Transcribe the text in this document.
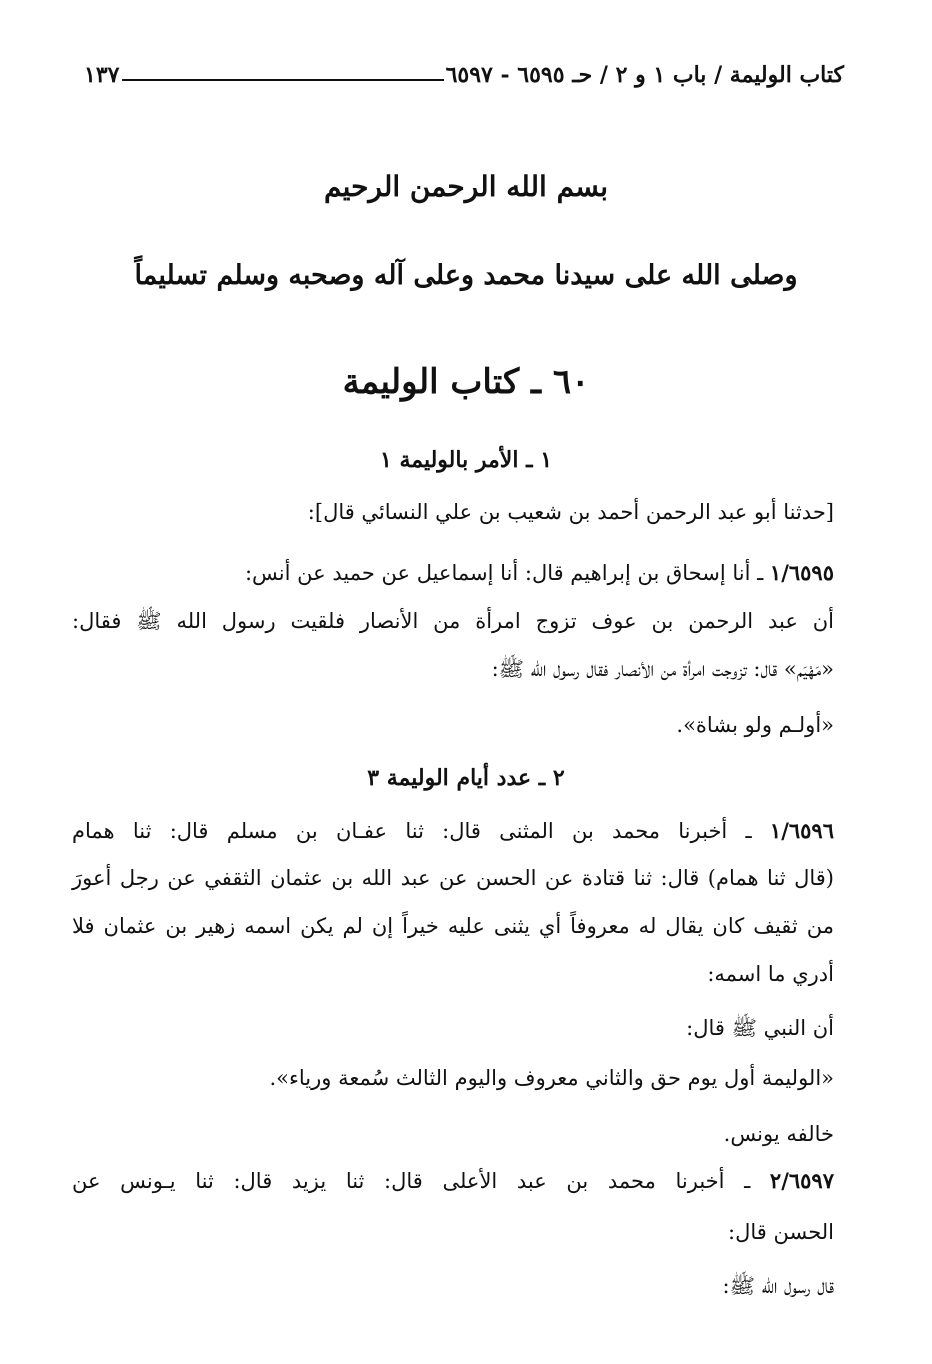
كتاب الوليمة / باب ١ و ٢ / حـ ٦٥٩٥ - ٦٥٩٧

١٣٧

بسم الله الرحمن الرحيم

وصلى الله على سيدنا محمد وعلى آله وصحبه وسلم تسليماً

٦٠ ـ كتاب الوليمة

١ ـ الأمر بالوليمة ١

[حدثنا أبو عبد الرحمن أحمد بن شعيب بن علي النسائي قال]:

١/٦٥٩٥ ـ أنا إسحاق بن إبراهيم قال: أنا إسماعيل عن حميد عن أنس:

أن عبد الرحمن بن عوف تزوج امرأة من الأنصار فلقيت رسول الله ﷺ فقال:

«مَهْيَم» قال: تزوجت امرأة من الأنصار فقال رسول الله ﷺ:

«أولـم ولو بشاة».

٢ ـ عدد أيام الوليمة ٣

١/٦٥٩٦ ـ أخبرنا محمد بن المثنى قال: ثنا عفـان بن مسلم قال: ثنا همام

(قال ثنا همام) قال: ثنا قتادة عن الحسن عن عبد الله بن عثمان الثقفي عن رجل أعورَ

من ثقيف كان يقال له معروفاً أي يثنى عليه خيراً إن لم يكن اسمه زهير بن عثمان فلا

أدري ما اسمه:

أن النبي ﷺ قال:

«الوليمة أول يوم حق والثاني معروف واليوم الثالث سُمعة ورياء».

خالفه يونس.

٢/٦٥٩٧ ـ أخبرنا محمد بن عبد الأعلى قال: ثنا يزيد قال: ثنا يـونس عن

الحسن قال:

قال رسول الله ﷺ:
